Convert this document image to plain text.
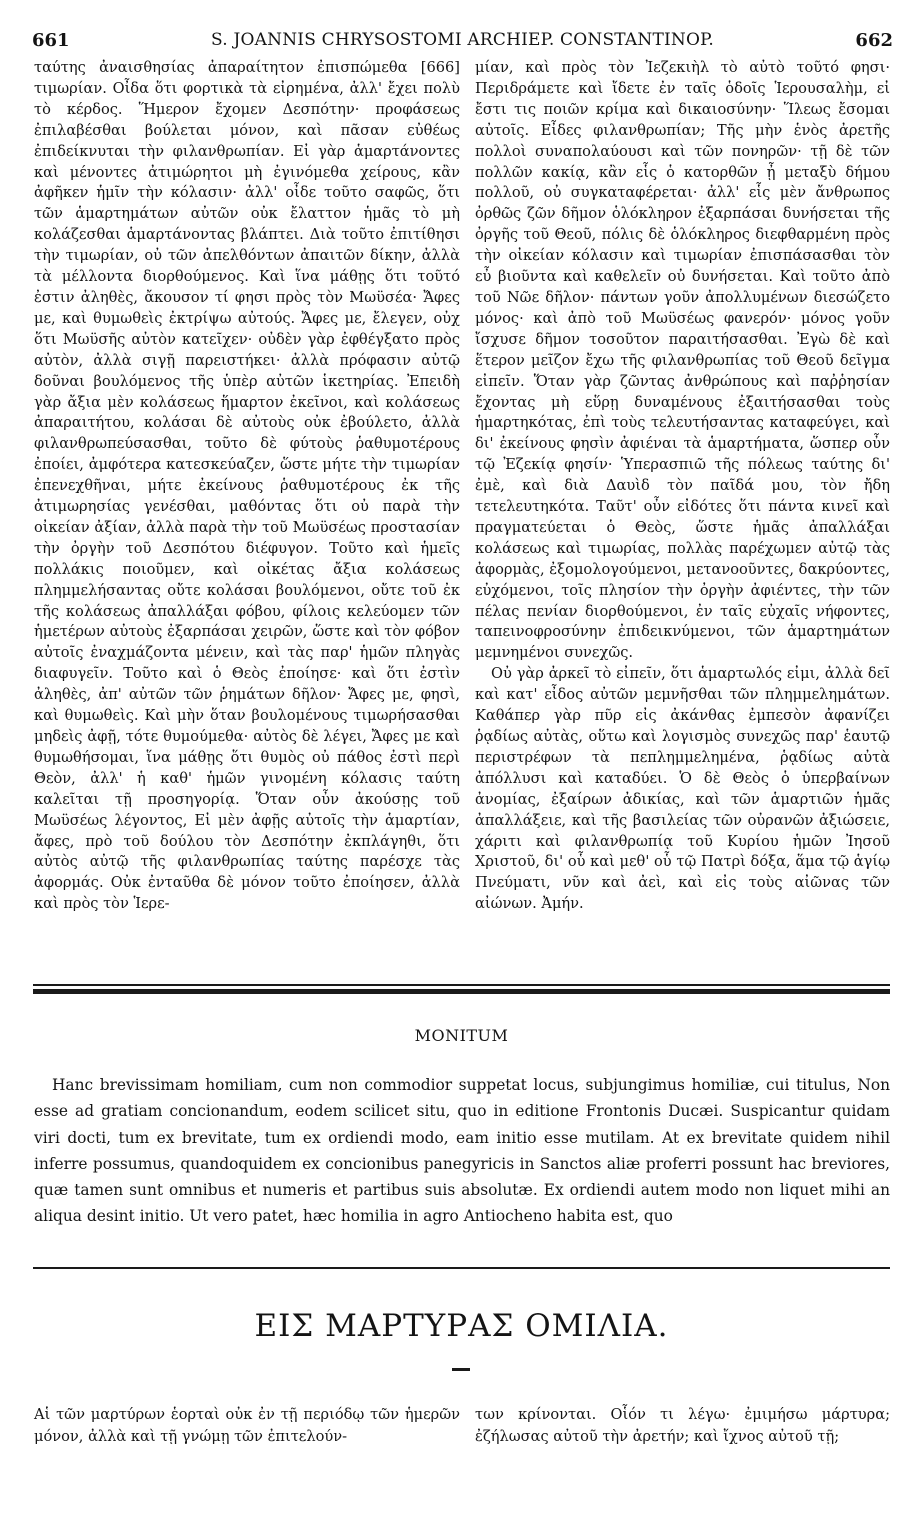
661	S. JOANNIS CHRYSOSTOMI ARCHIEP. CONSTANTINOP.	662

ταύτης ἀναισθησίας ἀπαραίτητον ἐπισπώμεθα [666] τιμωρίαν. Οἶδα ὅτι φορτικὰ τὰ εἰρημένα, ἀλλ' ἔχει πολὺ τὸ κέρδος. Ἥμερον ἔχομεν Δεσπότην· προφάσεως ἐπιλαβέσθαι βούλεται μόνον, καὶ πᾶσαν εὐθέως ἐπιδείκνυται τὴν φιλανθρωπίαν. Εἰ γὰρ ἁμαρτάνοντες καὶ μένοντες ἀτιμώρητοι μὴ ἐγινόμεθα χείρους, κἂν ἀφῆκεν ἡμῖν τὴν κόλασιν· ἀλλ' οἶδε τοῦτο σαφῶς, ὅτι τῶν ἁμαρτημάτων αὐτῶν οὐκ ἔλαττον ἡμᾶς τὸ μὴ κολάζεσθαι ἁμαρτάνοντας βλάπτει. Διὰ τοῦτο ἐπιτίθησι τὴν τιμωρίαν, οὐ τῶν ἀπελθόντων ἀπαιτῶν δίκην, ἀλλὰ τὰ μέλλοντα διορθούμενος. Καὶ ἵνα μάθῃς ὅτι τοῦτό ἐστιν ἀληθὲς, ἄκουσον τί φησι πρὸς τὸν Μωϋσέα· Ἄφες με, καὶ θυμωθεὶς ἐκτρίψω αὐτούς. Ἄφες με, ἔλεγεν, οὐχ ὅτι Μωϋσῆς αὐτὸν κατεῖχεν· οὐδὲν γὰρ ἐφθέγξατο πρὸς αὐτὸν, ἀλλὰ σιγῇ παρειστήκει· ἀλλὰ πρόφασιν αὐτῷ δοῦναι βουλόμενος τῆς ὑπὲρ αὐτῶν ἱκετηρίας. Ἐπειδὴ γὰρ ἄξια μὲν κολάσεως ἥμαρτον ἐκεῖνοι, καὶ κολάσεως ἀπαραιτήτου, κολάσαι δὲ αὐτοὺς οὐκ ἐβούλετο, ἀλλὰ φιλανθρωπεύσασθαι, τοῦτο δὲ φύτοὺς ῥαθυμοτέρους ἐποίει, ἀμφότερα κατεσκεύαζεν, ὥστε μήτε τὴν τιμωρίαν ἐπενεχθῆναι, μήτε ἐκείνους ῥαθυμοτέρους ἐκ τῆς ἀτιμωρησίας γενέσθαι, μαθόντας ὅτι οὐ παρὰ τὴν οἰκείαν ἀξίαν, ἀλλὰ παρὰ τὴν τοῦ Μωϋσέως προστασίαν τὴν ὀργὴν τοῦ Δεσπότου διέφυγον. Τοῦτο καὶ ἡμεῖς πολλάκις ποιοῦμεν, καὶ οἰκέτας ἄξια κολάσεως πλημμελήσαντας οὔτε κολάσαι βουλόμενοι, οὔτε τοῦ ἐκ τῆς κολάσεως ἀπαλλάξαι φόβου, φίλοις κελεύομεν τῶν ἡμετέρων αὐτοὺς ἐξαρπάσαι χειρῶν, ὥστε καὶ τὸν φόβον αὐτοῖς ἐναχμάζοντα μένειν, καὶ τὰς παρ' ἡμῶν πληγὰς διαφυγεῖν. Τοῦτο καὶ ὁ Θεὸς ἐποίησε· καὶ ὅτι ἐστὶν ἀληθὲς, ἀπ' αὐτῶν τῶν ῥημάτων δῆλον· Ἄφες με, φησὶ, καὶ θυμωθεὶς. Καὶ μὴν ὅταν βουλομένους τιμωρήσασθαι μηδεὶς ἀφῇ, τότε θυμούμεθα· αὐτὸς δὲ λέγει, Ἄφες με καὶ θυμωθήσομαι, ἵνα μάθῃς ὅτι θυμὸς οὐ πάθος ἐστὶ περὶ Θεὸν, ἀλλ' ἡ καθ' ἡμῶν γινομένη κόλασις ταύτη καλεῖται τῇ προσηγορίᾳ. Ὅταν οὖν ἀκούσῃς τοῦ Μωϋσέως λέγοντος, Εἰ μὲν ἀφῇς αὐτοῖς τὴν ἁμαρτίαν, ἄφες, πρὸ τοῦ δούλου τὸν Δεσπότην ἐκπλάγηθι, ὅτι αὐτὸς αὐτῷ τῆς φιλανθρωπίας ταύτης παρέσχε τὰς ἀφορμάς. Οὐκ ἐνταῦθα δὲ μόνον τοῦτο ἐποίησεν, ἀλλὰ καὶ πρὸς τὸν Ἱερε-

μίαν, καὶ πρὸς τὸν Ἰεζεκιὴλ τὸ αὐτὸ τοῦτό φησι· Περιδράμετε καὶ ἴδετε ἐν ταῖς ὁδοῖς Ἱερουσαλὴμ, εἰ ἔστι τις ποιῶν κρίμα καὶ δικαιοσύνην· Ἵλεως ἔσομαι αὐτοῖς. Εἶδες φιλανθρωπίαν; Τῆς μὴν ἑνὸς ἀρετῆς πολλοὶ συναπολαύουσι καὶ τῶν πονηρῶν· τῇ δὲ τῶν πολλῶν κακίᾳ, κἂν εἷς ὁ κατορθῶν ᾖ μεταξὺ δήμου πολλοῦ, οὐ συγκαταφέρεται· ἀλλ' εἷς μὲν ἄνθρωπος ὀρθῶς ζῶν δῆμον ὁλόκληρον ἐξαρπάσαι δυνήσεται τῆς ὀργῆς τοῦ Θεοῦ, πόλις δὲ ὁλόκληρος διεφθαρμένη πρὸς τὴν οἰκείαν κόλασιν καὶ τιμωρίαν ἐπισπάσασθαι τὸν εὖ βιοῦντα καὶ καθελεῖν οὐ δυνήσεται. Καὶ τοῦτο ἀπὸ τοῦ Νῶε δῆλον· πάντων γοῦν ἀπολλυμένων διεσώζετο μόνος· καὶ ἀπὸ τοῦ Μωϋσέως φανερόν· μόνος γοῦν ἴσχυσε δῆμον τοσοῦτον παραιτήσασθαι. Ἐγὼ δὲ καὶ ἕτερον μεῖζον ἔχω τῆς φιλανθρωπίας τοῦ Θεοῦ δεῖγμα εἰπεῖν. Ὅταν γὰρ ζῶντας ἀνθρώπους καὶ παῤῥησίαν ἔχοντας μὴ εὕρῃ δυναμένους ἐξαιτήσασθαι τοὺς ἡμαρτηκότας, ἐπὶ τοὺς τελευτήσαντας καταφεύγει, καὶ δι' ἐκείνους φησὶν ἀφιέναι τὰ ἁμαρτήματα, ὥσπερ οὖν τῷ Ἐζεκίᾳ φησίν· Ὑπερασπιῶ τῆς πόλεως ταύτης δι' ἐμὲ, καὶ διὰ Δαυὶδ τὸν παῖδά μου, τὸν ἤδη τετελευτηκότα. Ταῦτ' οὖν εἰδότες ὅτι πάντα κινεῖ καὶ πραγματεύεται ὁ Θεὸς, ὥστε ἡμᾶς ἀπαλλάξαι κολάσεως καὶ τιμωρίας, πολλὰς παρέχωμεν αὐτῷ τὰς ἀφορμὰς, ἐξομολογούμενοι, μετανοοῦντες, δακρύοντες, εὐχόμενοι, τοῖς πλησίον τὴν ὀργὴν ἀφιέντες, τὴν τῶν πέλας πενίαν διορθούμενοι, ἐν ταῖς εὐχαῖς νήφοντες, ταπεινοφροσύνην ἐπιδεικνύμενοι, τῶν ἁμαρτημάτων μεμνημένοι συνεχῶς.

Οὐ γὰρ ἀρκεῖ τὸ εἰπεῖν, ὅτι ἁμαρτωλός εἰμι, ἀλλὰ δεῖ καὶ κατ' εἶδος αὐτῶν μεμνῆσθαι τῶν πλημμελημάτων. Καθάπερ γὰρ πῦρ εἰς ἀκάνθας ἐμπεσὸν ἀφανίζει ῥᾳδίως αὐτὰς, οὕτω καὶ λογισμὸς συνεχῶς παρ' ἑαυτῷ περιστρέφων τὰ πεπλημμελημένα, ῥᾳδίως αὐτὰ ἀπόλλυσι καὶ καταδύει. Ὁ δὲ Θεὸς ὁ ὑπερβαίνων ἀνομίας, ἐξαίρων ἀδικίας, καὶ τῶν ἁμαρτιῶν ἡμᾶς ἀπαλλάξειε, καὶ τῆς βασιλείας τῶν οὐρανῶν ἀξιώσειε, χάριτι καὶ φιλανθρωπίᾳ τοῦ Κυρίου ἡμῶν Ἰησοῦ Χριστοῦ, δι' οὗ καὶ μεθ' οὗ τῷ Πατρὶ δόξα, ἅμα τῷ ἁγίῳ Πνεύματι, νῦν καὶ ἀεὶ, καὶ εἰς τοὺς αἰῶνας τῶν αἰώνων. Ἀμήν.

MONITUM

Hanc brevissimam homiliam, cum non commodior suppetat locus, subjungimus homiliæ, cui titulus, Non esse ad gratiam concionandum, eodem scilicet situ, quo in editione Frontonis Ducæi. Suspicantur quidam viri docti, tum ex brevitate, tum ex ordiendi modo, eam initio esse mutilam. At ex brevitate quidem nihil inferre possumus, quandoquidem ex concionibus panegyricis in Sanctos aliæ proferri possunt hac breviores, quæ tamen sunt omnibus et numeris et partibus suis absolutæ. Ex ordiendi autem modo non liquet mihi an aliqua desint initio. Ut vero patet, hæc homilia in agro Antiocheno habita est, quo

ΕΙΣ ΜΑΡΤΥΡΑΣ ΟΜΙΛΙΑ.
Αἱ τῶν μαρτύρων ἑορταὶ οὐκ ἐν τῇ περιόδῳ τῶν ἡμερῶν μόνον, ἀλλὰ καὶ τῇ γνώμῃ τῶν ἐπιτελούν-
των κρίνονται. Οἷόν τι λέγω· ἐμιμήσω μάρτυρα; ἐζήλωσας αὐτοῦ τὴν ἀρετήν; καὶ ἴχνος αὐτοῦ τῇ;
